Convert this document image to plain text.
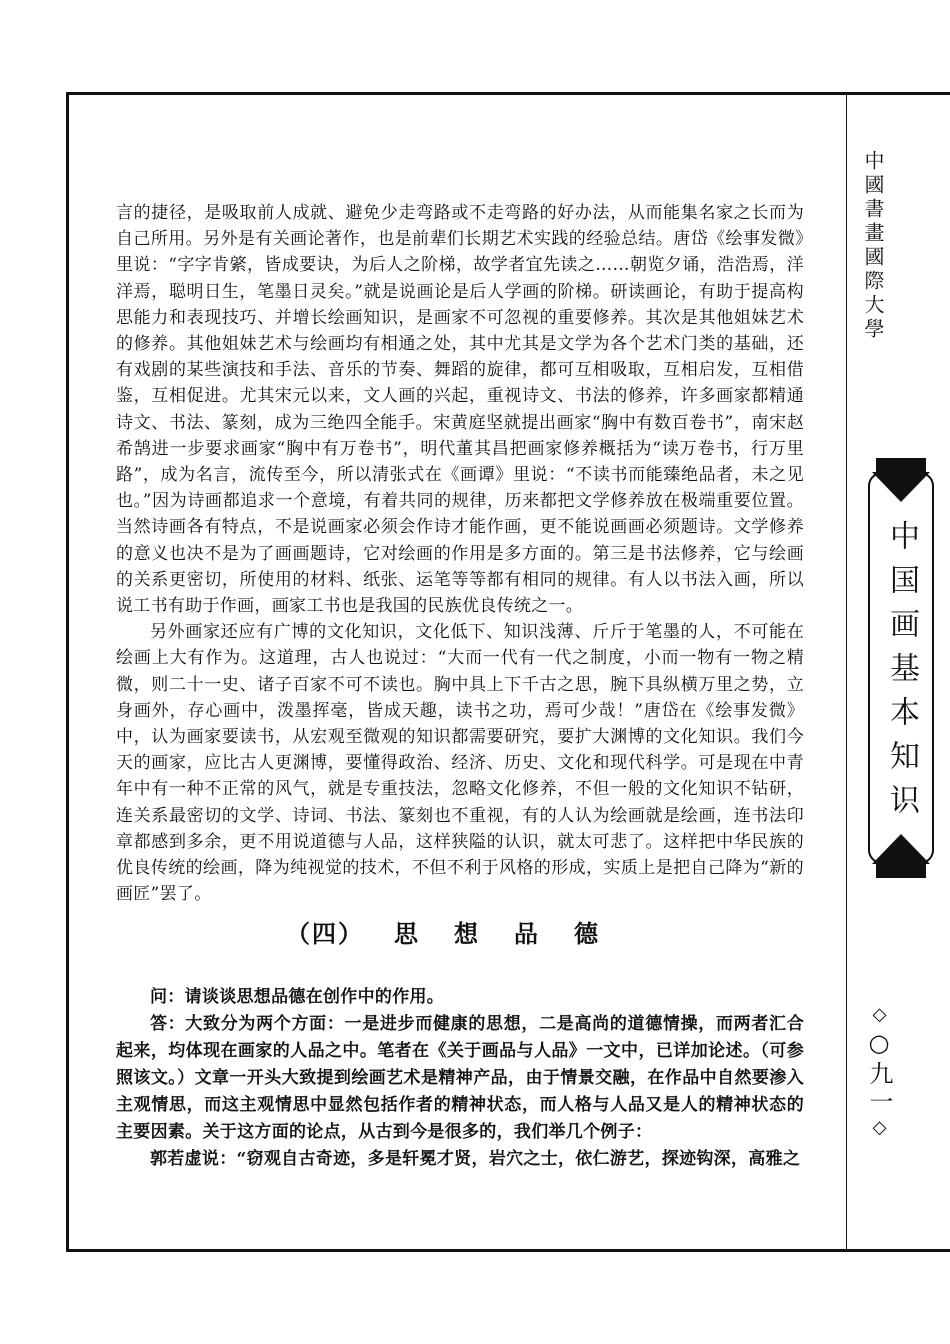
言的捷径，是吸取前人成就、避免少走弯路或不走弯路的好办法，从而能集名家之长而为自己所用。另外是有关画论著作，也是前辈们长期艺术实践的经验总结。唐岱《绘事发微》里说：“字字肯綮，皆成要诀，为后人之阶梯，故学者宜先读之……朝览夕诵，浩浩焉，洋洋焉，聪明日生，笔墨日灵矣。”就是说画论是后人学画的阶梯。研读画论，有助于提高构思能力和表现技巧、并增长绘画知识，是画家不可忽视的重要修养。其次是其他姐妹艺术的修养。其他姐妹艺术与绘画均有相通之处，其中尤其是文学为各个艺术门类的基础，还有戏剧的某些演技和手法、音乐的节奏、舞蹈的旋律，都可互相吸取，互相启发，互相借鉴，互相促进。尤其宋元以来，文人画的兴起，重视诗文、书法的修养，许多画家都精通诗文、书法、篆刻，成为三绝四全能手。宋黄庭坚就提出画家“胸中有数百卷书”，南宋赵希鹄进一步要求画家“胸中有万卷书”，明代董其昌把画家修养概括为“读万卷书，行万里路”，成为名言，流传至今，所以清张式在《画谭》里说：“不读书而能臻绝品者，未之见也。”因为诗画都追求一个意境，有着共同的规律，历来都把文学修养放在极端重要位置。当然诗画各有特点，不是说画家必须会作诗才能作画，更不能说画画必须题诗。文学修养的意义也决不是为了画画题诗，它对绘画的作用是多方面的。第三是书法修养，它与绘画的关系更密切，所使用的材料、纸张、运笔等等都有相同的规律。有人以书法入画，所以说工书有助于作画，画家工书也是我国的民族优良传统之一。

另外画家还应有广博的文化知识，文化低下、知识浅薄、斤斤于笔墨的人，不可能在绘画上大有作为。这道理，古人也说过：“大而一代有一代之制度，小而一物有一物之精微，则二十一史、诸子百家不可不读也。胸中具上下千古之思，腕下具纵横万里之势，立身画外，存心画中，泼墨挥毫，皆成天趣，读书之功，焉可少哉！”唐岱在《绘事发微》中，认为画家要读书，从宏观至微观的知识都需要研究，要扩大渊博的文化知识。我们今天的画家，应比古人更渊博，要懂得政治、经济、历史、文化和现代科学。可是现在中青年中有一种不正常的风气，就是专重技法，忽略文化修养，不但一般的文化知识不钻研，连关系最密切的文学、诗词、书法、篆刻也不重视，有的人认为绘画就是绘画，连书法印章都感到多余，更不用说道德与人品，这样狭隘的认识，就太可悲了。这样把中华民族的优良传统的绘画，降为纯视觉的技术，不但不利于风格的形成，实质上是把自己降为“新的画匠”罢了。

（四） 思想品德

问：请谈谈思想品德在创作中的作用。

答：大致分为两个方面：一是进步而健康的思想，二是高尚的道德情操，而两者汇合起来，均体现在画家的人品之中。笔者在《关于画品与人品》一文中，已详加论述。（可参照该文。）文章一开头大致提到绘画艺术是精神产品，由于情景交融，在作品中自然要渗入主观情思，而这主观情思中显然包括作者的精神状态，而人格与人品又是人的精神状态的主要因素。关于这方面的论点，从古到今是很多的，我们举几个例子：

郭若虚说：“窃观自古奇迹，多是轩冕才贤，岩穴之士，依仁游艺，探迹钩深，高雅之

中國書畫國際大學
中国画基本知识
◇○九一◇
